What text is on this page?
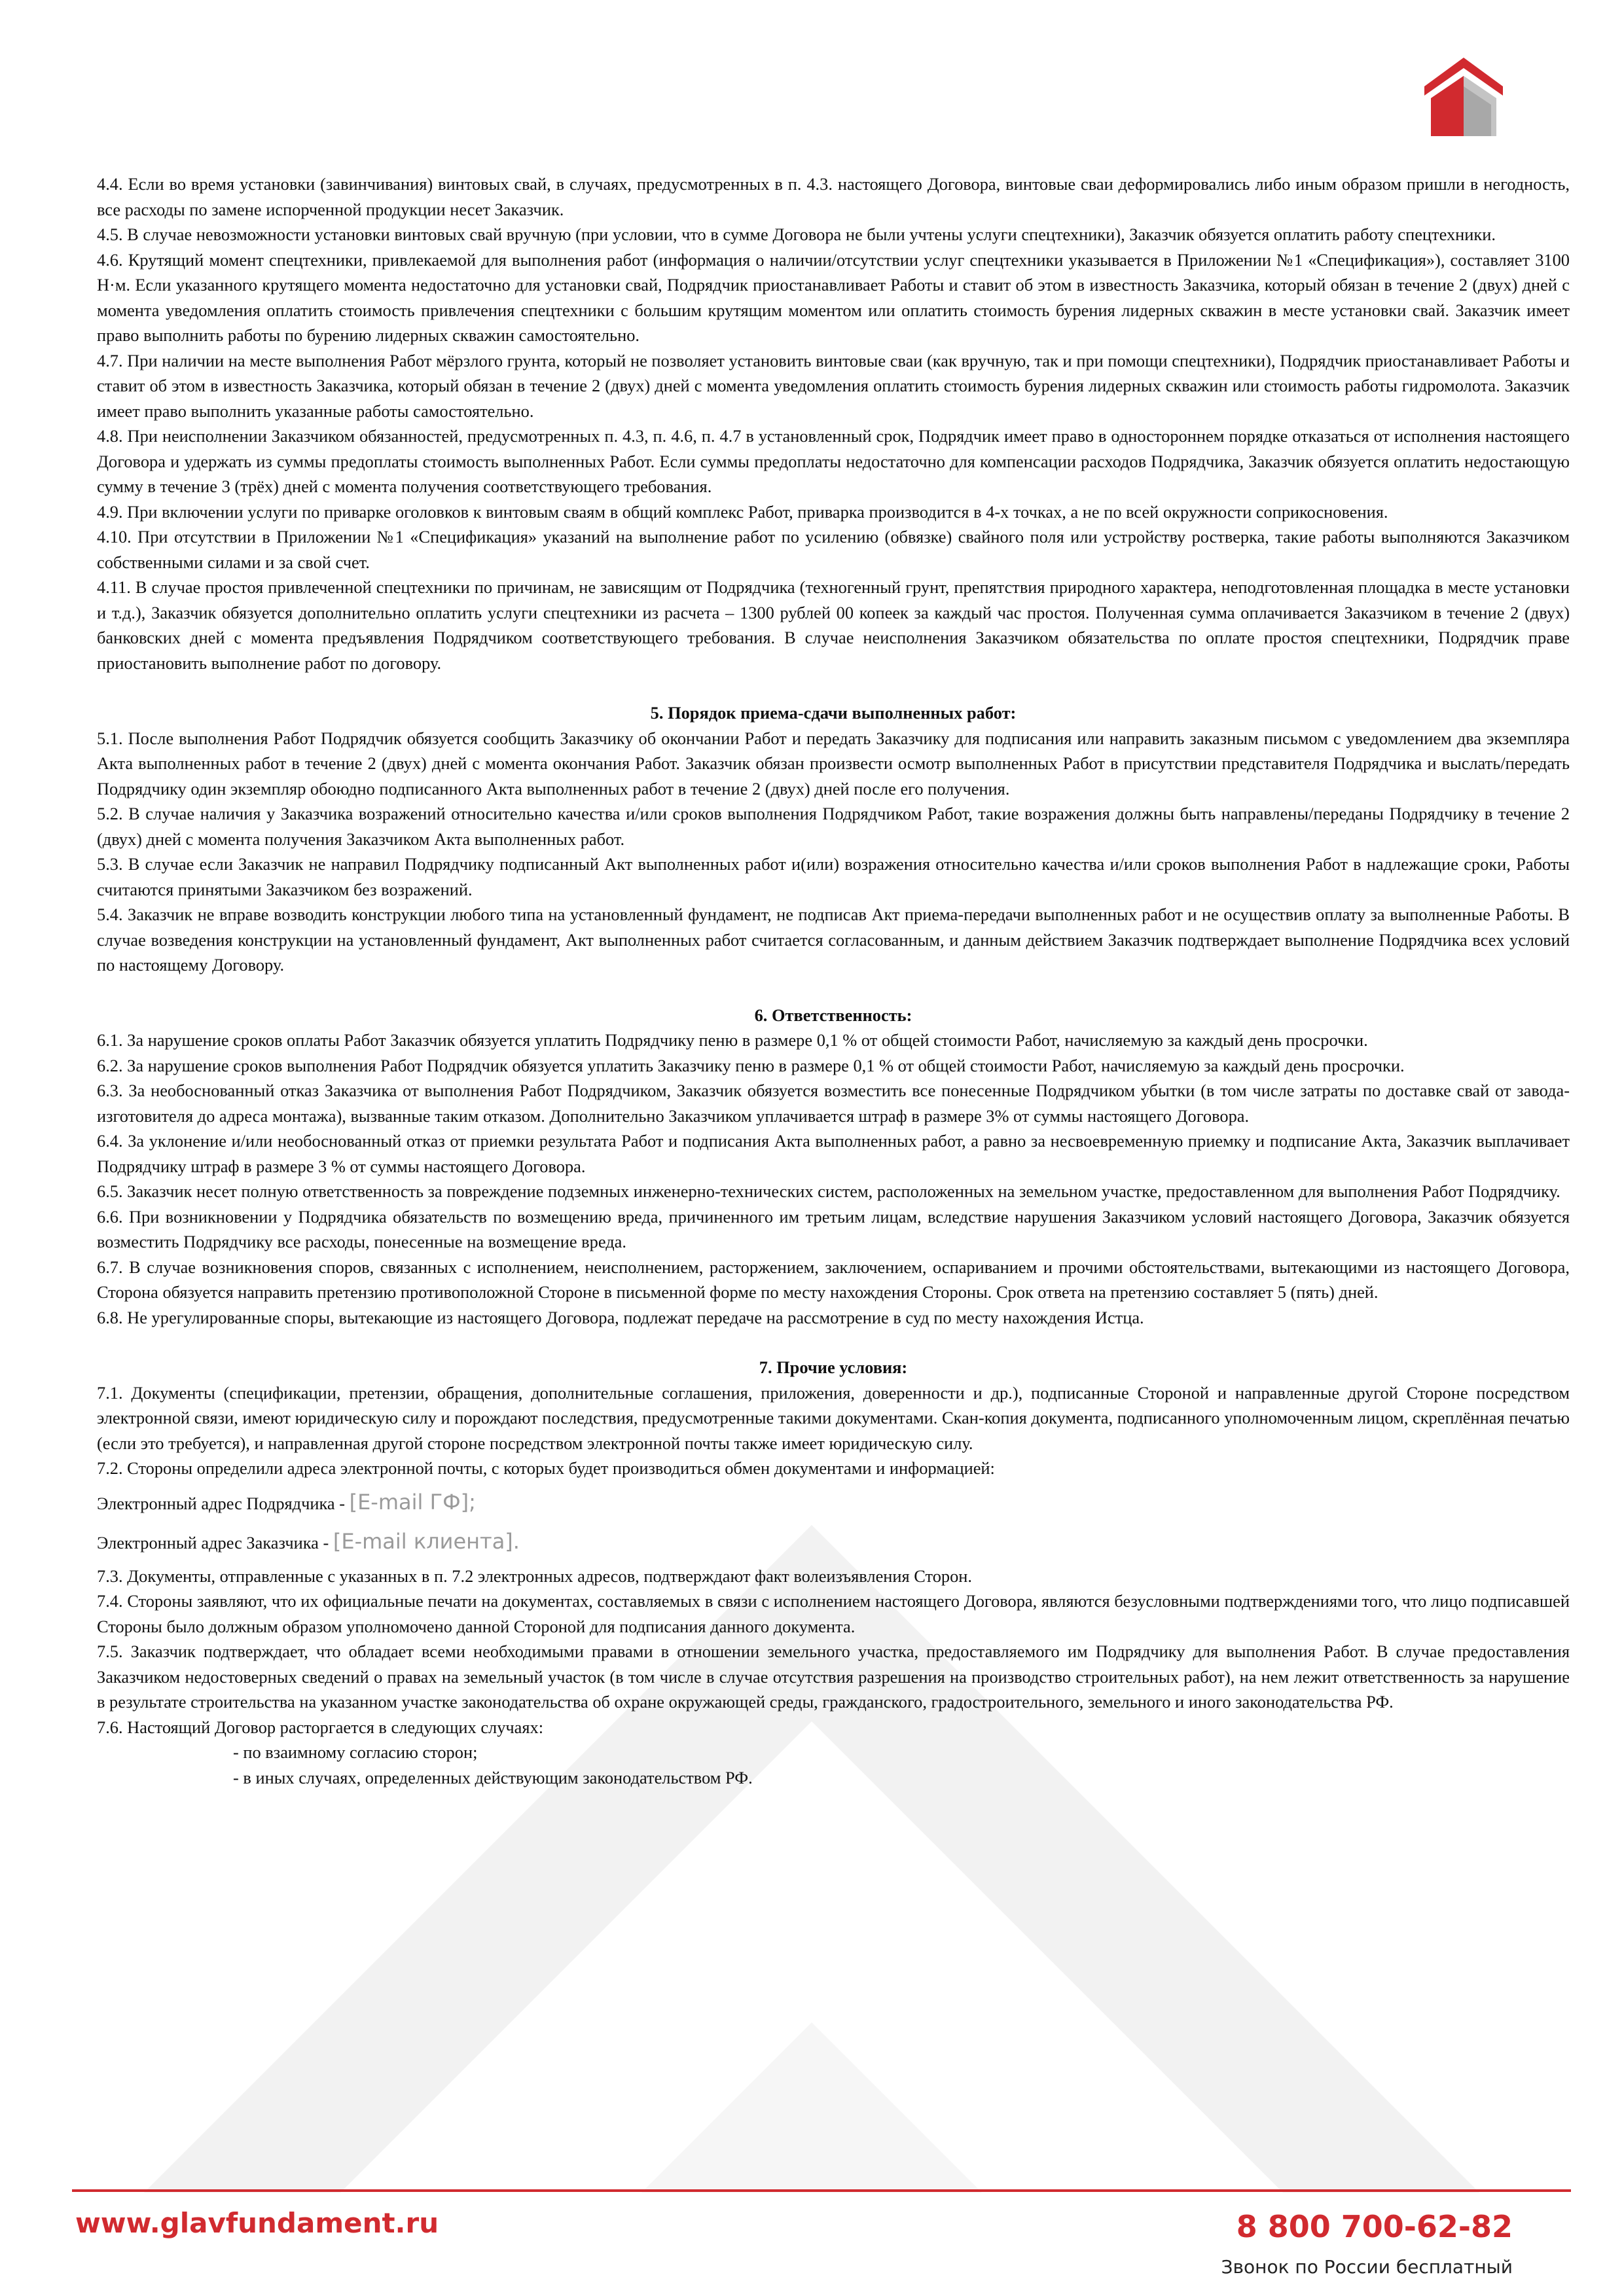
4.4. Если во время установки (завинчивания) винтовых свай, в случаях, предусмотренных в п. 4.3. настоящего Договора, винтовые сваи деформировались либо иным образом пришли в негодность, все расходы по замене испорченной продукции несет Заказчик.

4.5. В случае невозможности установки винтовых свай вручную (при условии, что в сумме Договора не были учтены услуги спецтехники), Заказчик обязуется оплатить работу спецтехники.

4.6. Крутящий момент спецтехники, привлекаемой для выполнения работ (информация о наличии/отсутствии услуг спецтехники указывается в Приложении №1 «Спецификация»), составляет 3100 Н·м. Если указанного крутящего момента недостаточно для установки свай, Подрядчик приостанавливает Работы и ставит об этом в известность Заказчика, который обязан в течение 2 (двух) дней с момента уведомления оплатить стоимость привлечения спецтехники с большим крутящим моментом или оплатить стоимость бурения лидерных скважин в месте установки свай. Заказчик имеет право выполнить работы по бурению лидерных скважин самостоятельно.

4.7. При наличии на месте выполнения Работ мёрзлого грунта, который не позволяет установить винтовые сваи (как вручную, так и при помощи спецтехники), Подрядчик приостанавливает Работы и ставит об этом в известность Заказчика, который обязан в течение 2 (двух) дней с момента уведомления оплатить стоимость бурения лидерных скважин или стоимость работы гидромолота. Заказчик имеет право выполнить указанные работы самостоятельно.

4.8. При неисполнении Заказчиком обязанностей, предусмотренных п. 4.3, п. 4.6, п. 4.7 в установленный срок, Подрядчик имеет право в одностороннем порядке отказаться от исполнения настоящего Договора и удержать из суммы предоплаты стоимость выполненных Работ. Если суммы предоплаты недостаточно для компенсации расходов Подрядчика, Заказчик обязуется оплатить недостающую сумму в течение 3 (трёх) дней с момента получения соответствующего требования.

4.9. При включении услуги по приварке оголовков к винтовым сваям в общий комплекс Работ, приварка производится в 4-х точках, а не по всей окружности соприкосновения.

4.10. При отсутствии в Приложении №1 «Спецификация» указаний на выполнение работ по усилению (обвязке) свайного поля или устройству ростверка, такие работы выполняются Заказчиком собственными силами и за свой счет.

4.11. В случае простоя привлеченной спецтехники по причинам, не зависящим от Подрядчика (техногенный грунт, препятствия природного характера, неподготовленная площадка в месте установки и т.д.), Заказчик обязуется дополнительно оплатить услуги спецтехники из расчета – 1300 рублей 00 копеек за каждый час простоя. Полученная сумма оплачивается Заказчиком в течение 2 (двух) банковских дней с момента предъявления Подрядчиком соответствующего требования. В случае неисполнения Заказчиком обязательства по оплате простоя спецтехники, Подрядчик праве приостановить выполнение работ по договору.

5. Порядок приема-сдачи выполненных работ:

5.1. После выполнения Работ Подрядчик обязуется сообщить Заказчику об окончании Работ и передать Заказчику для подписания или направить заказным письмом с уведомлением два экземпляра Акта выполненных работ в течение 2 (двух) дней с момента окончания Работ. Заказчик обязан произвести осмотр выполненных Работ в присутствии представителя Подрядчика и выслать/передать Подрядчику один экземпляр обоюдно подписанного Акта выполненных работ в течение 2 (двух) дней после его получения.

5.2. В случае наличия у Заказчика возражений относительно качества и/или сроков выполнения Подрядчиком Работ, такие возражения должны быть направлены/переданы Подрядчику в течение 2 (двух) дней с момента получения Заказчиком Акта выполненных работ.

5.3. В случае если Заказчик не направил Подрядчику подписанный Акт выполненных работ и(или) возражения относительно качества и/или сроков выполнения Работ в надлежащие сроки, Работы считаются принятыми Заказчиком без возражений.

5.4. Заказчик не вправе возводить конструкции любого типа на установленный фундамент, не подписав Акт приема-передачи выполненных работ и не осуществив оплату за выполненные Работы. В случае возведения конструкции на установленный фундамент, Акт выполненных работ считается согласованным, и данным действием Заказчик подтверждает выполнение Подрядчика всех условий по настоящему Договору.

6. Ответственность:

6.1. За нарушение сроков оплаты Работ Заказчик обязуется уплатить Подрядчику пеню в размере 0,1 % от общей стоимости Работ, начисляемую за каждый день просрочки.

6.2. За нарушение сроков выполнения Работ Подрядчик обязуется уплатить Заказчику пеню в размере 0,1 % от общей стоимости Работ, начисляемую за каждый день просрочки.

6.3. За необоснованный отказ Заказчика от выполнения Работ Подрядчиком, Заказчик обязуется возместить все понесенные Подрядчиком убытки (в том числе затраты по доставке свай от завода-изготовителя до адреса монтажа), вызванные таким отказом. Дополнительно Заказчиком уплачивается штраф в размере 3% от суммы настоящего Договора.

6.4. За уклонение и/или необоснованный отказ от приемки результата Работ и подписания Акта выполненных работ, а равно за несвоевременную приемку и подписание Акта, Заказчик выплачивает Подрядчику штраф в размере 3 % от суммы настоящего Договора.

6.5. Заказчик несет полную ответственность за повреждение подземных инженерно-технических систем, расположенных на земельном участке, предоставленном для выполнения Работ Подрядчику.

6.6. При возникновении у Подрядчика обязательств по возмещению вреда, причиненного им третьим лицам, вследствие нарушения Заказчиком условий настоящего Договора, Заказчик обязуется возместить Подрядчику все расходы, понесенные на возмещение вреда.

6.7. В случае возникновения споров, связанных с исполнением, неисполнением, расторжением, заключением, оспариванием и прочими обстоятельствами, вытекающими из настоящего Договора, Сторона обязуется направить претензию противоположной Стороне в письменной форме по месту нахождения Стороны. Срок ответа на претензию составляет 5 (пять) дней.

6.8. Не урегулированные споры, вытекающие из настоящего Договора, подлежат передаче на рассмотрение в суд по месту нахождения Истца.

7. Прочие условия:

7.1. Документы (спецификации, претензии, обращения, дополнительные соглашения, приложения, доверенности и др.), подписанные Стороной и направленные другой Стороне посредством электронной связи, имеют юридическую силу и порождают последствия, предусмотренные такими документами. Скан-копия документа, подписанного уполномоченным лицом, скреплённая печатью (если это требуется), и направленная другой стороне посредством электронной почты также имеет юридическую силу.

7.2. Стороны определили адреса электронной почты, с которых будет производиться обмен документами и информацией:

Электронный адрес Подрядчика - [E-mail ГФ];

Электронный адрес Заказчика - [E-mail клиента].

7.3. Документы, отправленные с указанных в п. 7.2 электронных адресов, подтверждают факт волеизъявления Сторон.

7.4. Стороны заявляют, что их официальные печати на документах, составляемых в связи с исполнением настоящего Договора, являются безусловными подтверждениями того, что лицо подписавшей Стороны было должным образом уполномочено данной Стороной для подписания данного документа.

7.5. Заказчик подтверждает, что обладает всеми необходимыми правами в отношении земельного участка, предоставляемого им Подрядчику для выполнения Работ. В случае предоставления Заказчиком недостоверных сведений о правах на земельный участок (в том числе в случае отсутствия разрешения на производство строительных работ), на нем лежит ответственность за нарушение в результате строительства на указанном участке законодательства об охране окружающей среды, гражданского, градостроительного, земельного и иного законодательства РФ.

7.6. Настоящий Договор расторгается в следующих случаях:

- по взаимному согласию сторон;

- в иных случаях, определенных действующим законодательством РФ.

www.glavfundament.ru	8 800 700-62-82
Звонок по России бесплатный
